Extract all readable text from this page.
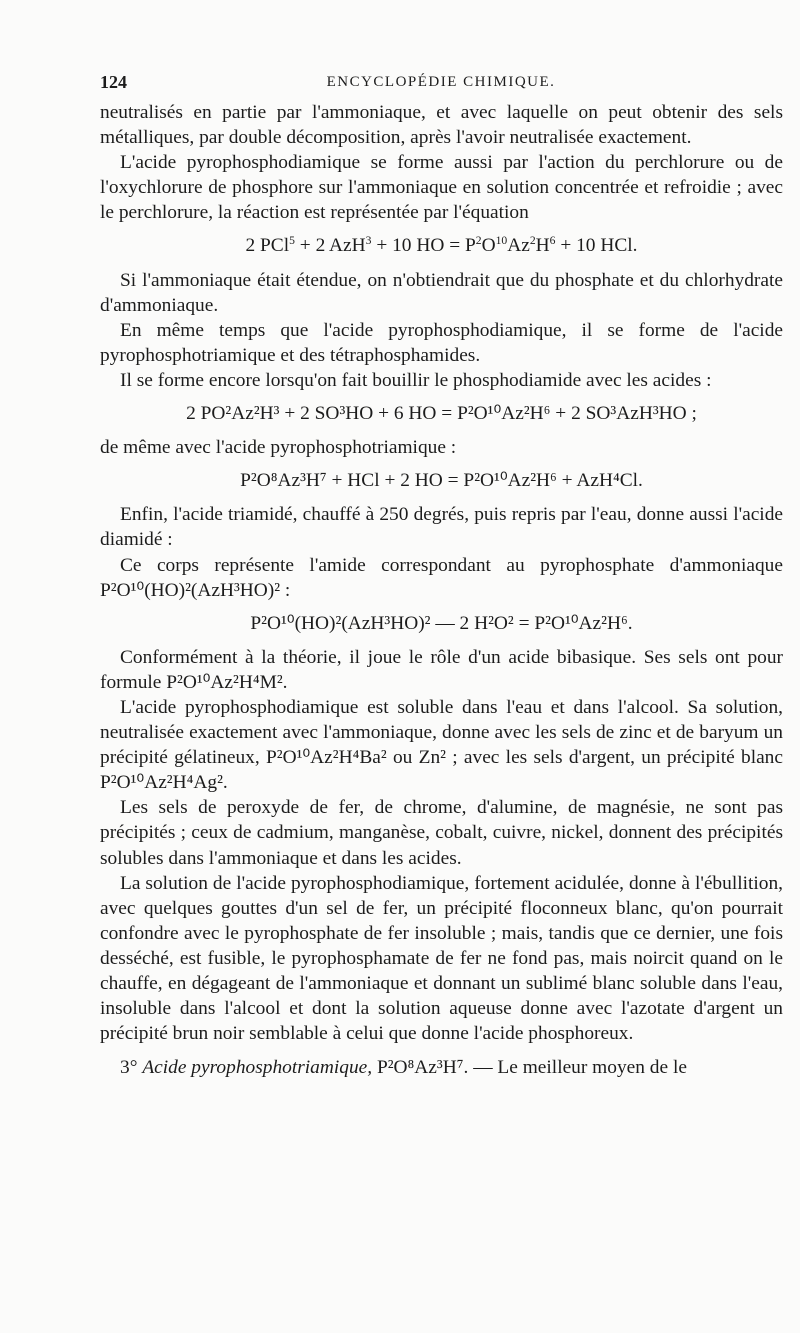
124	ENCYCLOPÉDIE CHIMIQUE.

neutralisés en partie par l'ammoniaque, et avec laquelle on peut obtenir des sels métalliques, par double décomposition, après l'avoir neutralisée exactement.

L'acide pyrophosphodiamique se forme aussi par l'action du perchlorure ou de l'oxychlorure de phosphore sur l'ammoniaque en solution concentrée et refroidie ; avec le perchlorure, la réaction est représentée par l'équation

2 PCl$^5$ + 2 AzH$^3$ + 10 HO = $P^2O^{10}Az^2H^6 + 10$ HCl.

Si l'ammoniaque était étendue, on n'obtiendrait que du phosphate et du chlorhydrate d'ammoniaque.

En même temps que l'acide pyrophosphodiamique, il se forme de l'acide pyrophosphotriamique et des tétraphosphamides.

Il se forme encore lorsqu'on fait bouillir le phosphodiamide avec les acides :

2 PO²Az²H³ + 2 SO³HO + 6 HO = P²O¹⁰Az²H⁶ + 2 SO³AzH³HO ;

de même avec l'acide pyrophosphotriamique :

P²O⁸Az³H⁷ + HCl + 2 HO = P²O¹⁰Az²H⁶ + AzH⁴Cl.

Enfin, l'acide triamidé, chauffé à 250 degrés, puis repris par l'eau, donne aussi l'acide diamidé :

Ce corps représente l'amide correspondant au pyrophosphate d'ammoniaque P²O¹⁰(HO)²(AzH³HO)² :

P²O¹⁰(HO)²(AzH³HO)² — 2 H²O² = P²O¹⁰Az²H⁶.

Conformément à la théorie, il joue le rôle d'un acide bibasique. Ses sels ont pour formule P²O¹⁰Az²H⁴M².

L'acide pyrophosphodiamique est soluble dans l'eau et dans l'alcool. Sa solution, neutralisée exactement avec l'ammoniaque, donne avec les sels de zinc et de baryum un précipité gélatineux, P²O¹⁰Az²H⁴Ba² ou Zn² ; avec les sels d'argent, un précipité blanc P²O¹⁰Az²H⁴Ag².

Les sels de peroxyde de fer, de chrome, d'alumine, de magnésie, ne sont pas précipités ; ceux de cadmium, manganèse, cobalt, cuivre, nickel, donnent des précipités solubles dans l'ammoniaque et dans les acides.

La solution de l'acide pyrophosphodiamique, fortement acidulée, donne à l'ébullition, avec quelques gouttes d'un sel de fer, un précipité floconneux blanc, qu'on pourrait confondre avec le pyrophosphate de fer insoluble ; mais, tandis que ce dernier, une fois desséché, est fusible, le pyrophosphamate de fer ne fond pas, mais noircit quand on le chauffe, en dégageant de l'ammoniaque et donnant un sublimé blanc soluble dans l'eau, insoluble dans l'alcool et dont la solution aqueuse donne avec l'azotate d'argent un précipité brun noir semblable à celui que donne l'acide phosphoreux.

3° Acide pyrophosphotriamique, P²O⁸Az³H⁷. — Le meilleur moyen de le
